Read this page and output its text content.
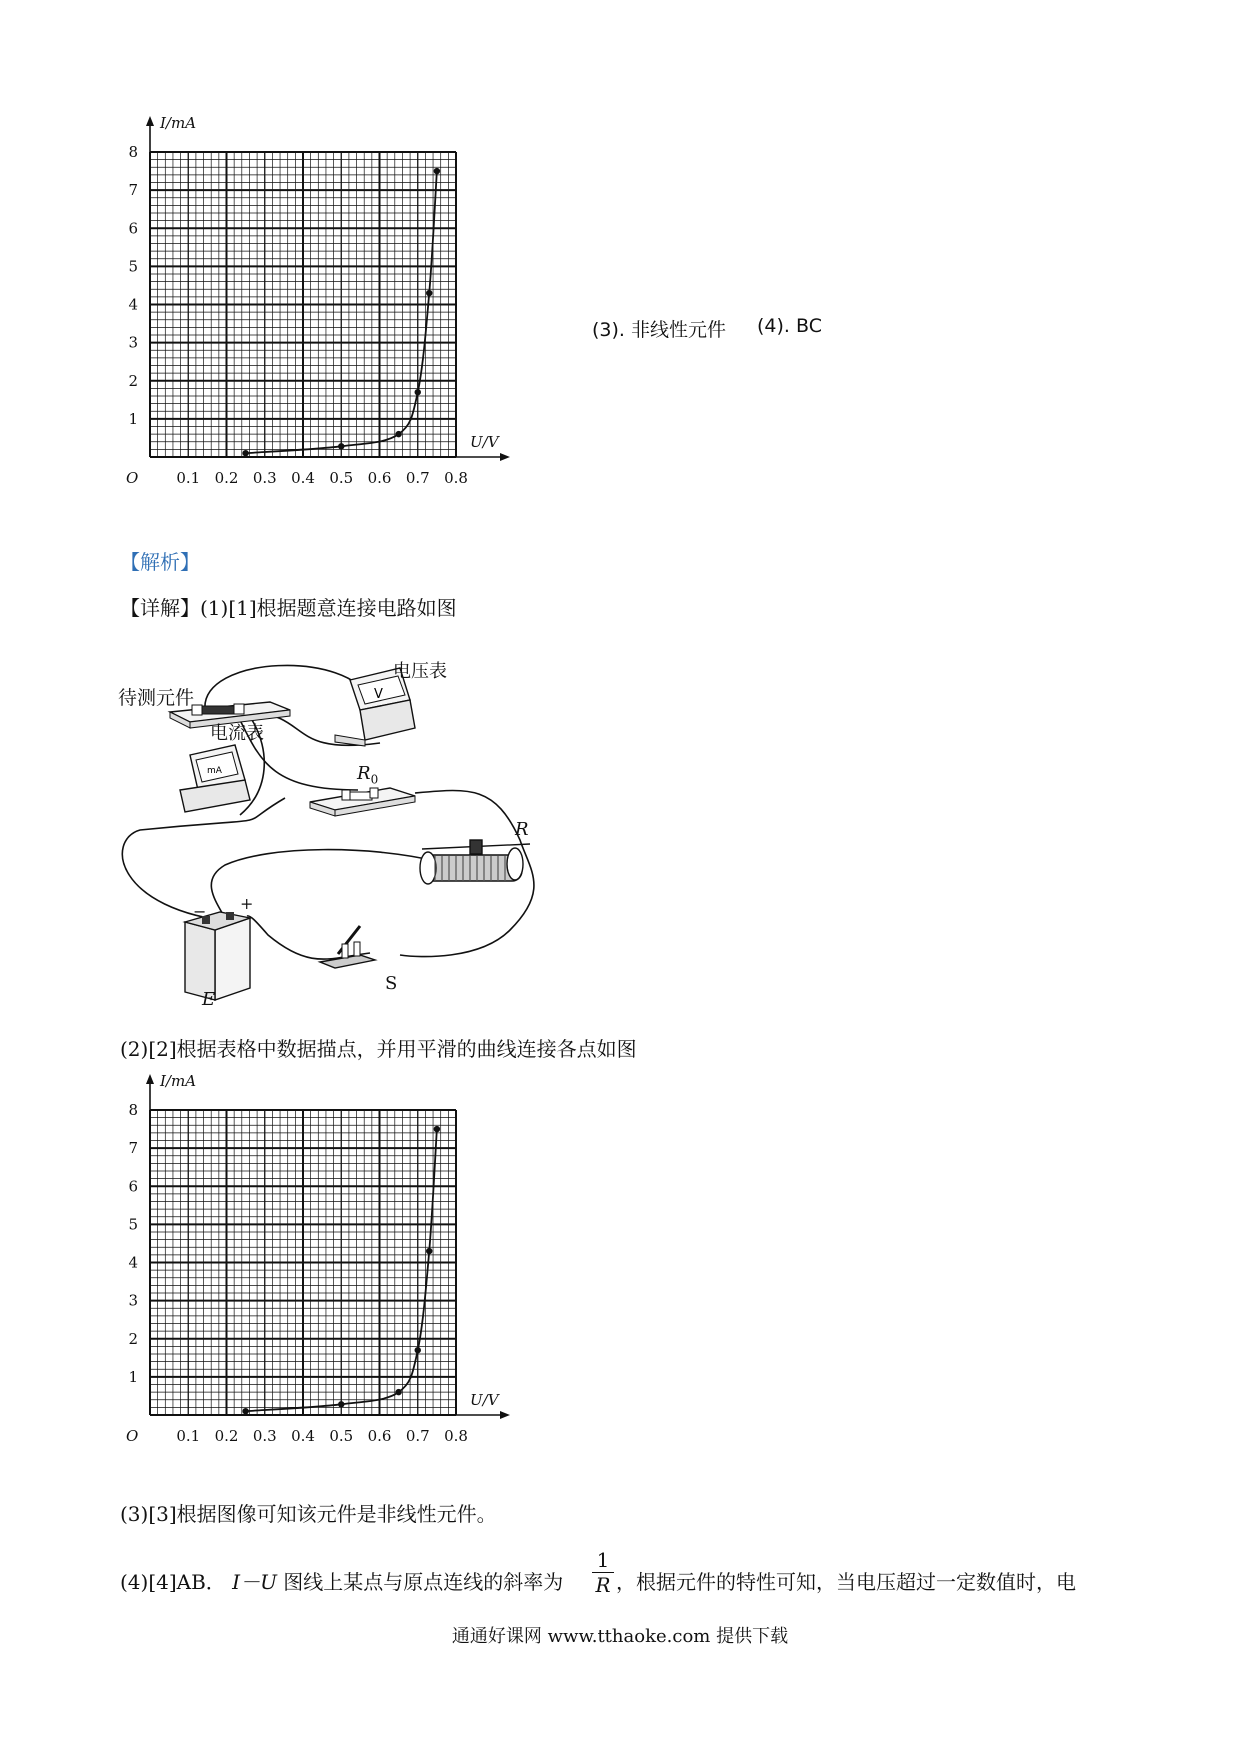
I/mA
U/V
O	0.1 0.2 0.3 0.4 0.5 0.6 0.7 0.8
1
2
3
4
5
6
7
8
(3). 非线性元件 (4). BC
【解析】
【详解】(1)[1]根据题意连接电路如图
V
mA
待测元件
电压表
电流表
$R_0$
R
S
E
− +
(2)[2]根据表格中数据描点，并用平滑的曲线连接各点如图
I/mA
U/V
O	0.1 0.2 0.3 0.4 0.5 0.6 0.7 0.8
1
2
3
4
5
6
7
8
(3)[3]根据图像可知该元件是非线性元件。
(4)[4]AB． I－U 图线上某点与原点连线的斜率为
1
R ，根据元件的特性可知，当电压超过一定数值时，电
通通好课网 www.tthaoke.com 提供下载
